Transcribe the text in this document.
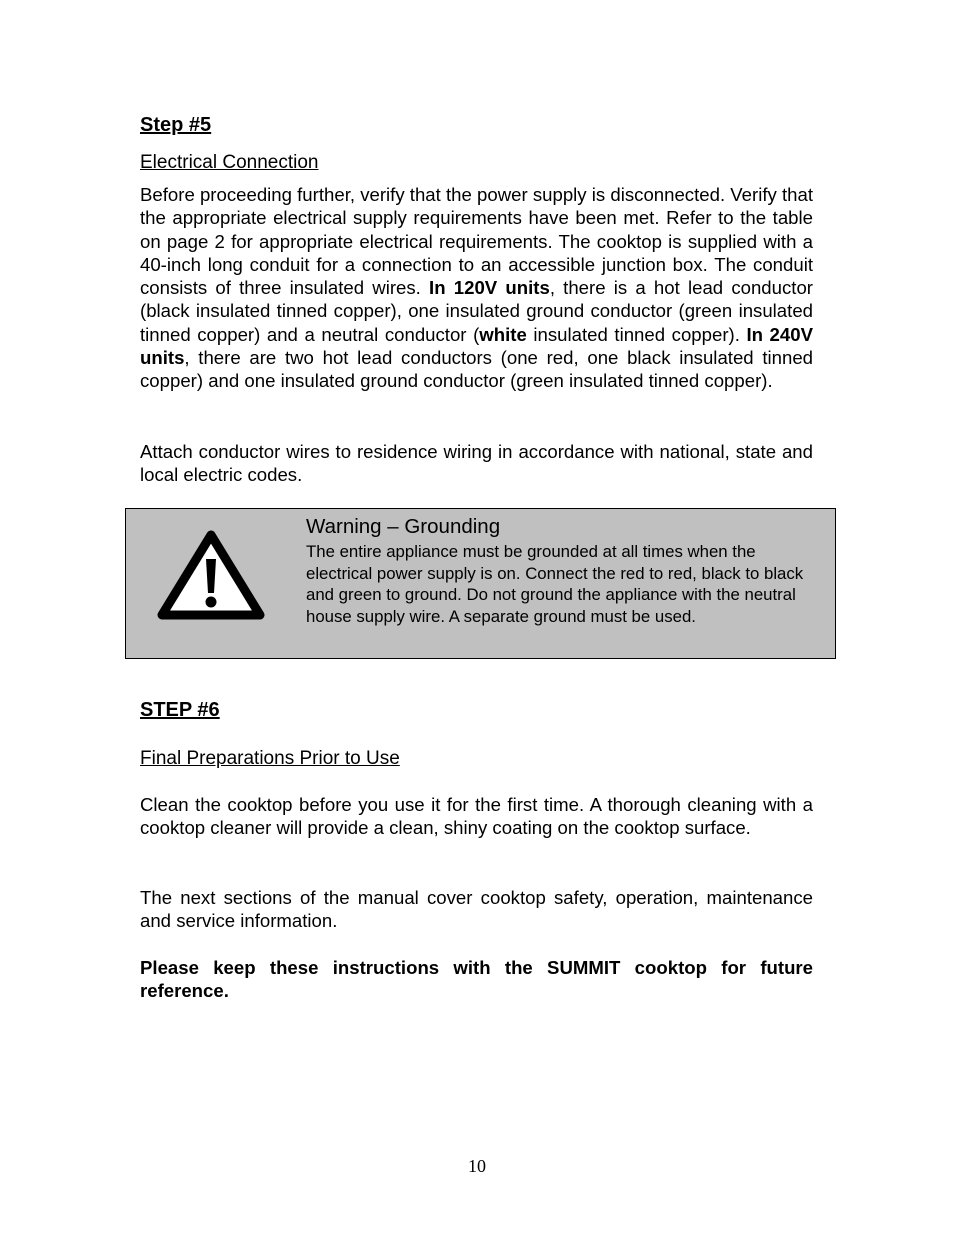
Step #5

Electrical Connection

Before proceeding further, verify that the power supply is disconnected. Verify that the appropriate electrical supply requirements have been met. Refer to the table on page 2 for appropriate electrical requirements. The cooktop is supplied with a 40-inch long conduit for a connection to an accessible junction box. The conduit consists of three insulated wires. In 120V units, there is a hot lead conductor (black insulated tinned copper), one insulated ground conductor (green insulated tinned copper) and a neutral conductor (white insulated tinned copper). In 240V units, there are two hot lead conductors (one red, one black insulated tinned copper) and one insulated ground conductor (green insulated tinned copper).

Attach conductor wires to residence wiring in accordance with national, state and local electric codes.

Warning – Grounding

The entire appliance must be grounded at all times when the electrical power supply is on. Connect the red to red, black to black and green to ground. Do not ground the appliance with the neutral house supply wire. A separate ground must be used.

STEP #6

Final Preparations Prior to Use

Clean the cooktop before you use it for the first time. A thorough cleaning with a cooktop cleaner will provide a clean, shiny coating on the cooktop surface.

The next sections of the manual cover cooktop safety, operation, maintenance and service information.

Please keep these instructions with the SUMMIT cooktop for future reference.

10
